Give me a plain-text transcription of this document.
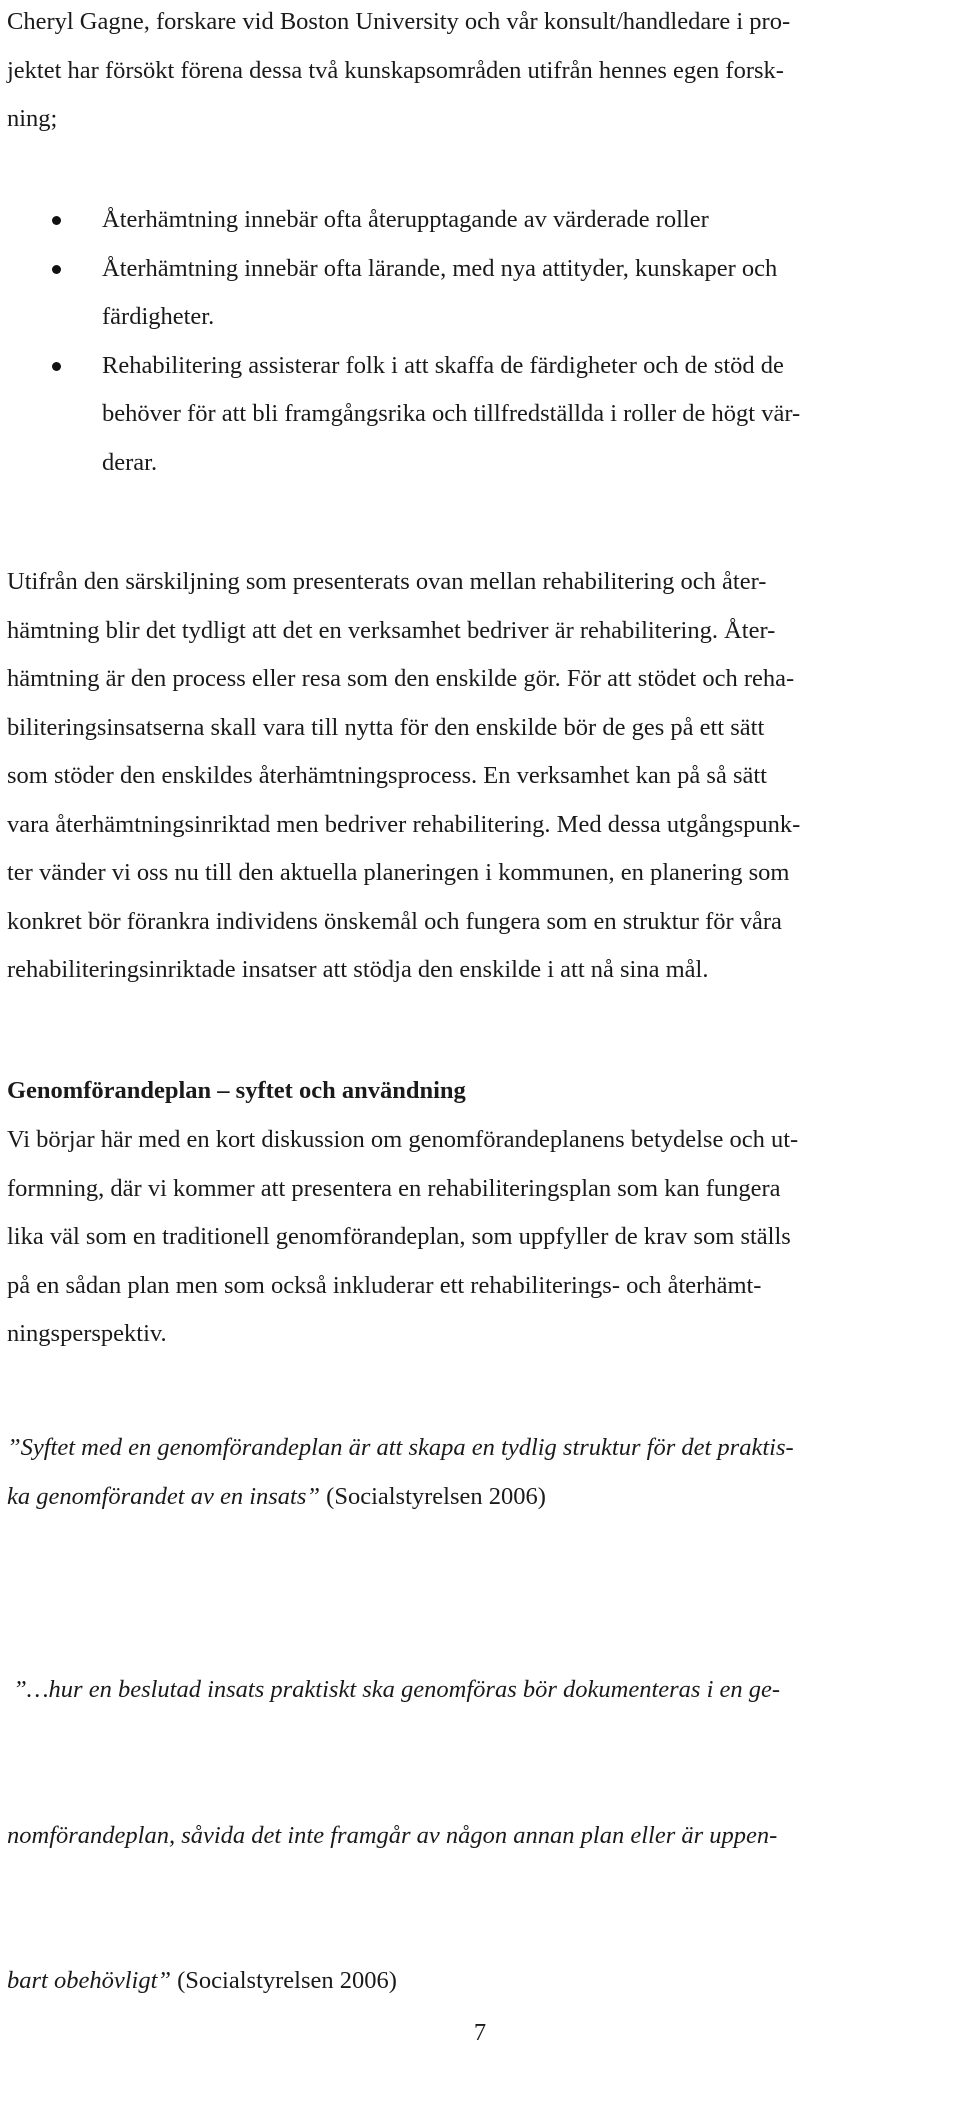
Cheryl Gagne, forskare vid Boston University och vår konsult/handledare i pro-
jektet har försökt förena dessa två kunskapsområden utifrån hennes egen forsk-
ning;

Återhämtning innebär ofta återupptagande av värderade roller
Återhämtning innebär ofta lärande, med nya attityder, kunskaper och
färdigheter.
Rehabilitering assisterar folk i att skaffa de färdigheter och de stöd de
behöver för att bli framgångsrika och tillfredställda i roller de högt vär-
derar.

Utifrån den särskiljning som presenterats ovan mellan rehabilitering och åter-
hämtning blir det tydligt att det en verksamhet bedriver är rehabilitering. Åter-
hämtning är den process eller resa som den enskilde gör. För att stödet och reha-
biliteringsinsatserna skall vara till nytta för den enskilde bör de ges på ett sätt
som stöder den enskildes återhämtningsprocess. En verksamhet kan på så sätt
vara återhämtningsinriktad men bedriver rehabilitering. Med dessa utgångspunk-
ter vänder vi oss nu till den aktuella planeringen i kommunen, en planering som
konkret bör förankra individens önskemål och fungera som en struktur för våra
rehabiliteringsinriktade insatser att stödja den enskilde i att nå sina mål.

Genomförandeplan – syftet och användning

Vi börjar här med en kort diskussion om genomförandeplanens betydelse och ut-
formning, där vi kommer att presentera en rehabiliteringsplan som kan fungera
lika väl som en traditionell genomförandeplan, som uppfyller de krav som ställs
på en sådan plan men som också inkluderar ett rehabiliterings- och återhämt-
ningsperspektiv.

”Syftet med en genomförandeplan är att skapa en tydlig struktur för det praktis-
ka genomförandet av en insats” (Socialstyrelsen 2006)

”…hur en beslutad insats praktiskt ska genomföras bör dokumenteras i en ge-

nomförandeplan, såvida det inte framgår av någon annan plan eller är uppen-

bart obehövligt” (Socialstyrelsen 2006)

7
